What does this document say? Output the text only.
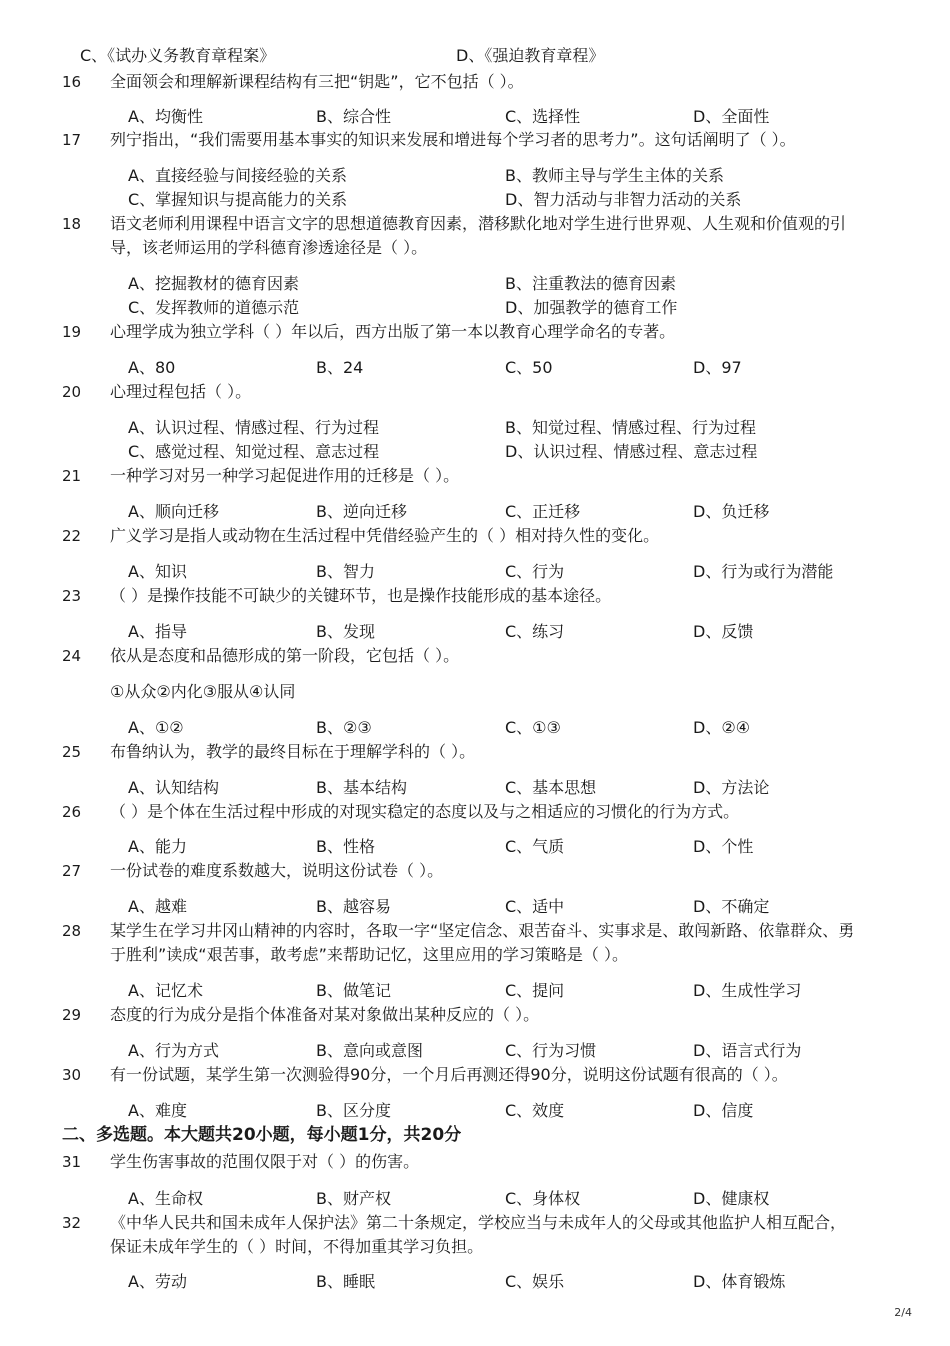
C、《试办义务教育章程案》	D、《强迫教育章程》
16 全面领会和理解新课程结构有三把“钥匙”，它不包括（ ）。
A、均衡性	B、综合性	C、选择性	D、全面性
17 列宁指出，“我们需要用基本事实的知识来发展和增进每个学习者的思考力”。这句话阐明了（ ）。
A、直接经验与间接经验的关系	B、教师主导与学生主体的关系
C、掌握知识与提高能力的关系	D、智力活动与非智力活动的关系
18 语文老师利用课程中语言文字的思想道德教育因素，潜移默化地对学生进行世界观、人生观和价值观的引导，该老师运用的学科德育渗透途径是（ ）。
A、挖掘教材的德育因素	B、注重教法的德育因素
C、发挥教师的道德示范	D、加强教学的德育工作
19 心理学成为独立学科（ ）年以后，西方出版了第一本以教育心理学命名的专著。
A、80	B、24	C、50	D、97
20 心理过程包括（ ）。
A、认识过程、情感过程、行为过程	B、知觉过程、情感过程、行为过程
C、感觉过程、知觉过程、意志过程	D、认识过程、情感过程、意志过程
21 一种学习对另一种学习起促进作用的迁移是（ ）。
A、顺向迁移	B、逆向迁移	C、正迁移	D、负迁移
22 广义学习是指人或动物在生活过程中凭借经验产生的（ ）相对持久性的变化。
A、知识	B、智力	C、行为	D、行为或行为潜能
23 （ ）是操作技能不可缺少的关键环节，也是操作技能形成的基本途径。
A、指导	B、发现	C、练习	D、反馈
24 依从是态度和品德形成的第一阶段，它包括（ ）。
①从众②内化③服从④认同
A、①②	B、②③	C、①③	D、②④
25 布鲁纳认为，教学的最终目标在于理解学科的（ ）。
A、认知结构	B、基本结构	C、基本思想	D、方法论
26 （ ）是个体在生活过程中形成的对现实稳定的态度以及与之相适应的习惯化的行为方式。
A、能力	B、性格	C、气质	D、个性
27 一份试卷的难度系数越大，说明这份试卷（ ）。
A、越难	B、越容易	C、适中	D、不确定
28 某学生在学习井冈山精神的内容时，各取一字“坚定信念、艰苦奋斗、实事求是、敢闯新路、依靠群众、勇于胜利”读成“艰苦事，敢考虑”来帮助记忆，这里应用的学习策略是（ ）。
A、记忆术	B、做笔记	C、提问	D、生成性学习
29 态度的行为成分是指个体准备对某对象做出某种反应的（ ）。
A、行为方式	B、意向或意图	C、行为习惯	D、语言式行为
30 有一份试题，某学生第一次测验得90分，一个月后再测还得90分，说明这份试题有很高的（ ）。
A、难度	B、区分度	C、效度	D、信度
二、多选题。本大题共20小题，每小题1分，共20分
31 学生伤害事故的范围仅限于对（ ）的伤害。
A、生命权	B、财产权	C、身体权	D、健康权
32 《中华人民共和国未成年人保护法》第二十条规定，学校应当与未成年人的父母或其他监护人相互配合，保证未成年学生的（ ）时间，不得加重其学习负担。
A、劳动	B、睡眠	C、娱乐	D、体育锻炼
2/4
